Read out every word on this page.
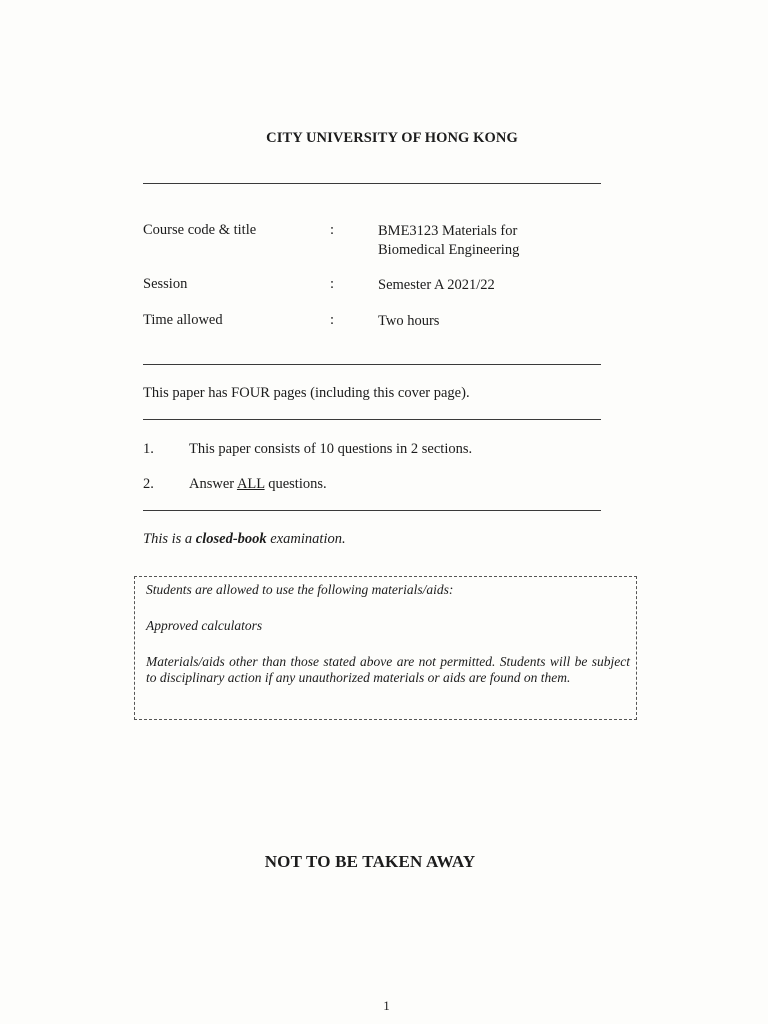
CITY UNIVERSITY OF HONG KONG
Course code & title	:	BME3123 Materials for
Biomedical Engineering
Session	:	Semester A 2021/22
Time allowed	:	Two hours
This paper has FOUR pages (including this cover page).
1. This paper consists of 10 questions in 2 sections.
2. Answer ALL questions.
This is a closed-book examination.
Students are allowed to use the following materials/aids:
Approved calculators
Materials/aids other than those stated above are not permitted. Students will be subject to disciplinary action if any unauthorized materials or aids are found on them.
NOT TO BE TAKEN AWAY
1
